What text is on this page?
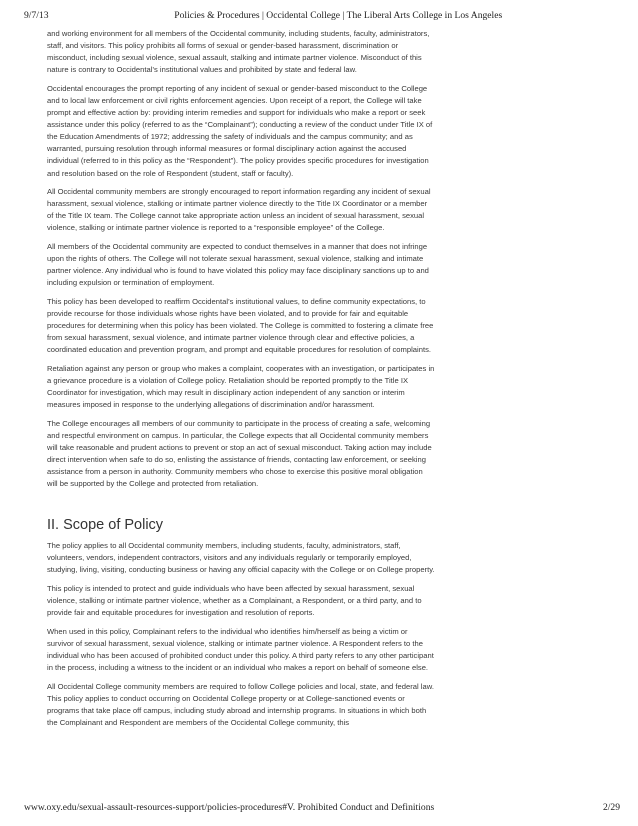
9/7/13	Policies & Procedures | Occidental College | The Liberal Arts College in Los Angeles

and working environment for all members of the Occidental community, including students, faculty, administrators, staff, and visitors. This policy prohibits all forms of sexual or gender-based harassment, discrimination or misconduct, including sexual violence, sexual assault, stalking and intimate partner violence. Misconduct of this nature is contrary to Occidental’s institutional values and prohibited by state and federal law.

Occidental encourages the prompt reporting of any incident of sexual or gender-based misconduct to the College and to local law enforcement or civil rights enforcement agencies. Upon receipt of a report, the College will take prompt and effective action by: providing interim remedies and support for individuals who make a report or seek assistance under this policy (referred to as the “Complainant”); conducting a review of the conduct under Title IX of the Education Amendments of 1972; addressing the safety of individuals and the campus community; and as warranted, pursuing resolution through informal measures or formal disciplinary action against the accused individual (referred to in this policy as the “Respondent”). The policy provides specific procedures for investigation and resolution based on the role of Respondent (student, staff or faculty).

All Occidental community members are strongly encouraged to report information regarding any incident of sexual harassment, sexual violence, stalking or intimate partner violence directly to the Title IX Coordinator or a member of the Title IX team. The College cannot take appropriate action unless an incident of sexual harassment, sexual violence, stalking or intimate partner violence is reported to a “responsible employee” of the College.

All members of the Occidental community are expected to conduct themselves in a manner that does not infringe upon the rights of others. The College will not tolerate sexual harassment, sexual violence, stalking and intimate partner violence. Any individual who is found to have violated this policy may face disciplinary sanctions up to and including expulsion or termination of employment.

This policy has been developed to reaffirm Occidental’s institutional values, to define community expectations, to provide recourse for those individuals whose rights have been violated, and to provide for fair and equitable procedures for determining when this policy has been violated. The College is committed to fostering a climate free from sexual harassment, sexual violence, and intimate partner violence through clear and effective policies, a coordinated education and prevention program, and prompt and equitable procedures for resolution of complaints.

Retaliation against any person or group who makes a complaint, cooperates with an investigation, or participates in a grievance procedure is a violation of College policy. Retaliation should be reported promptly to the Title IX Coordinator for investigation, which may result in disciplinary action independent of any sanction or interim measures imposed in response to the underlying allegations of discrimination and/or harassment.

The College encourages all members of our community to participate in the process of creating a safe, welcoming and respectful environment on campus. In particular, the College expects that all Occidental community members will take reasonable and prudent actions to prevent or stop an act of sexual misconduct. Taking action may include direct intervention when safe to do so, enlisting the assistance of friends, contacting law enforcement, or seeking assistance from a person in authority. Community members who chose to exercise this positive moral obligation will be supported by the College and protected from retaliation.

II. Scope of Policy

The policy applies to all Occidental community members, including students, faculty, administrators, staff, volunteers, vendors, independent contractors, visitors and any individuals regularly or temporarily employed, studying, living, visiting, conducting business or having any official capacity with the College or on College property.

This policy is intended to protect and guide individuals who have been affected by sexual harassment, sexual violence, stalking or intimate partner violence, whether as a Complainant, a Respondent, or a third party, and to provide fair and equitable procedures for investigation and resolution of reports.

When used in this policy, Complainant refers to the individual who identifies him/herself as being a victim or survivor of sexual harassment, sexual violence, stalking or intimate partner violence. A Respondent refers to the individual who has been accused of prohibited conduct under this policy. A third party refers to any other participant in the process, including a witness to the incident or an individual who makes a report on behalf of someone else.

All Occidental College community members are required to follow College policies and local, state, and federal law. This policy applies to conduct occurring on Occidental College property or at College-sanctioned events or programs that take place off campus, including study abroad and internship programs. In situations in which both the Complainant and Respondent are members of the Occidental College community, this

www.oxy.edu/sexual-assault-resources-support/policies-procedures#V. Prohibited Conduct and Definitions	2/29
